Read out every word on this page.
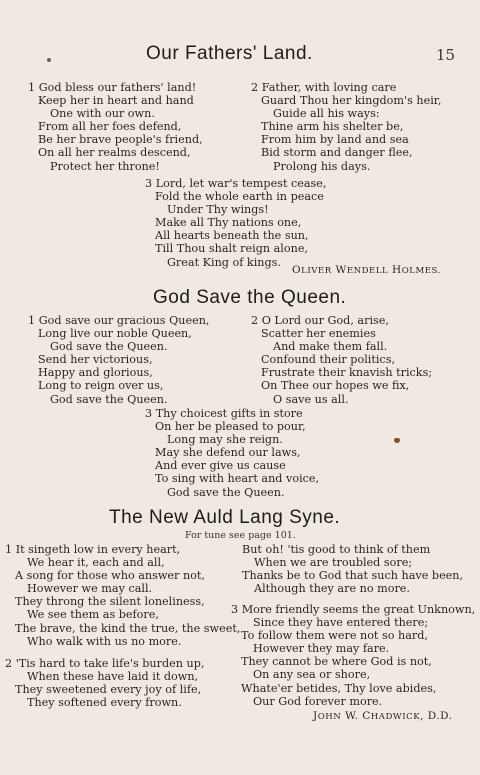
Our Fathers' Land.	15
1 God bless our fathers' land!
Keep her in heart and hand
One with our own.
From all her foes defend,
Be her brave people's friend,
On all her realms descend,
Protect her throne!
2 Father, with loving care
Guard Thou her kingdom's heir,
Guide all his ways:
Thine arm his shelter be,
From him by land and sea
Bid storm and danger flee,
Prolong his days.
3 Lord, let war's tempest cease,
Fold the whole earth in peace
Under Thy wings!
Make all Thy nations one,
All hearts beneath the sun,
Till Thou shalt reign alone,
Great King of kings.
OLIVER WENDELL HOLMES.
God Save the Queen.
1 God save our gracious Queen,
Long live our noble Queen,
God save the Queen.
Send her victorious,
Happy and glorious,
Long to reign over us,
God save the Queen.
2 O Lord our God, arise,
Scatter her enemies
And make them fall.
Confound their politics,
Frustrate their knavish tricks;
On Thee our hopes we fix,
O save us all.
3 Thy choicest gifts in store
On her be pleased to pour,
Long may she reign.
May she defend our laws,
And ever give us cause
To sing with heart and voice,
God save the Queen.
The New Auld Lang Syne.
For tune see page 101.
1 It singeth low in every heart,
We hear it, each and all,
A song for those who answer not,
However we may call.
They throng the silent loneliness,
We see them as before,
The brave, the kind the true, the sweet,
Who walk with us no more.
2 'Tis hard to take life's burden up,
When these have laid it down,
They sweetened every joy of life,
They softened every frown.
But oh! 'tis good to think of them
When we are troubled sore;
Thanks be to God that such have been,
Although they are no more.
3 More friendly seems the great Unknown,
Since they have entered there;
To follow them were not so hard,
However they may fare.
They cannot be where God is not,
On any sea or shore,
Whate'er betides, Thy love abides,
Our God forever more.
JOHN W. CHADWICK, D.D.
